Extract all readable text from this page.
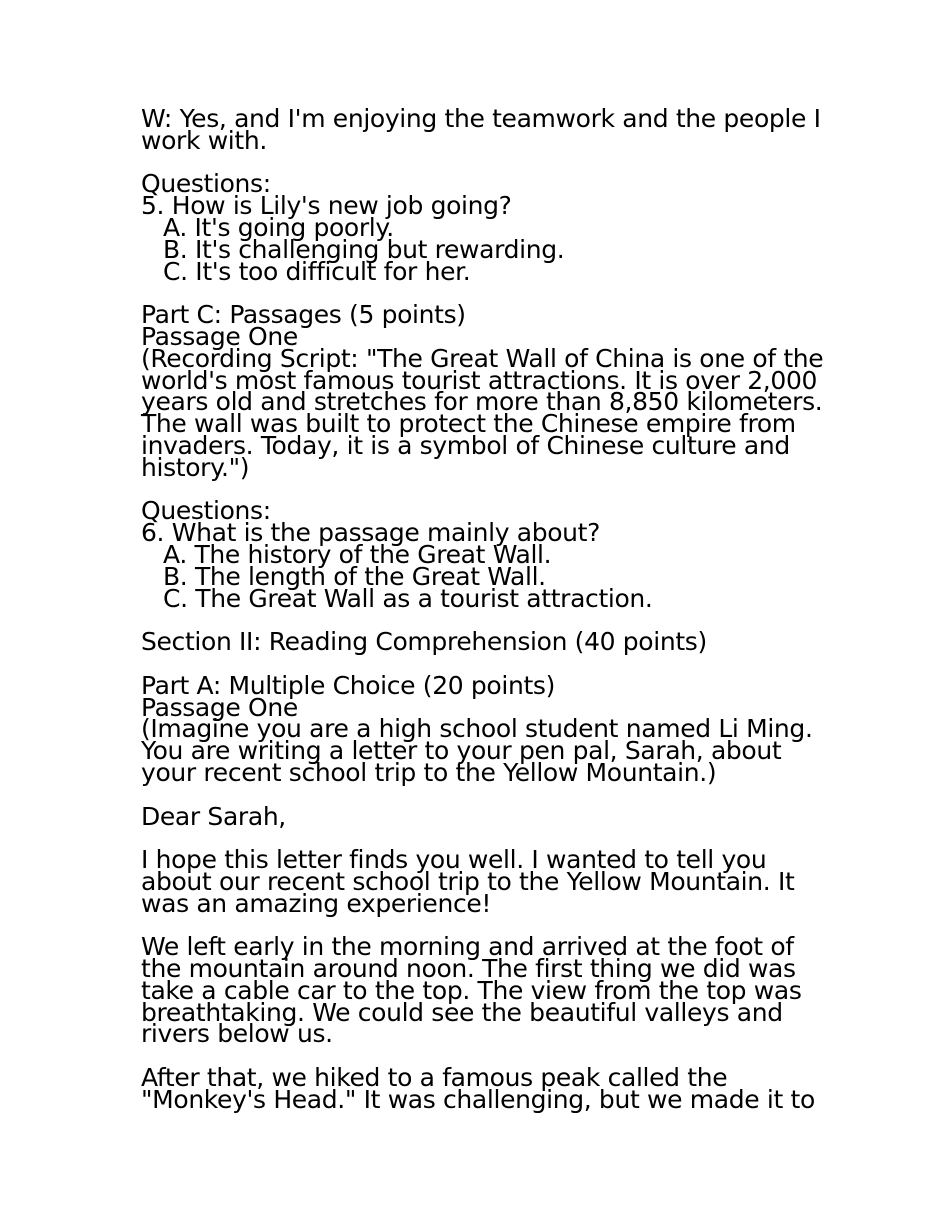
W: Yes, and I'm enjoying the teamwork and the people I
work with.
Questions:
5. How is Lily's new job going?
A. It's going poorly.
B. It's challenging but rewarding.
C. It's too difficult for her.
Part C: Passages (5 points)
Passage One
(Recording Script: "The Great Wall of China is one of the
world's most famous tourist attractions. It is over 2,000
years old and stretches for more than 8,850 kilometers.
The wall was built to protect the Chinese empire from
invaders. Today, it is a symbol of Chinese culture and
history.")
Questions:
6. What is the passage mainly about?
A. The history of the Great Wall.
B. The length of the Great Wall.
C. The Great Wall as a tourist attraction.
Section II: Reading Comprehension (40 points)
Part A: Multiple Choice (20 points)
Passage One
(Imagine you are a high school student named Li Ming.
You are writing a letter to your pen pal, Sarah, about
your recent school trip to the Yellow Mountain.)
Dear Sarah,
I hope this letter finds you well. I wanted to tell you
about our recent school trip to the Yellow Mountain. It
was an amazing experience!
We left early in the morning and arrived at the foot of
the mountain around noon. The first thing we did was
take a cable car to the top. The view from the top was
breathtaking. We could see the beautiful valleys and
rivers below us.
After that, we hiked to a famous peak called the
"Monkey's Head." It was challenging, but we made it to
